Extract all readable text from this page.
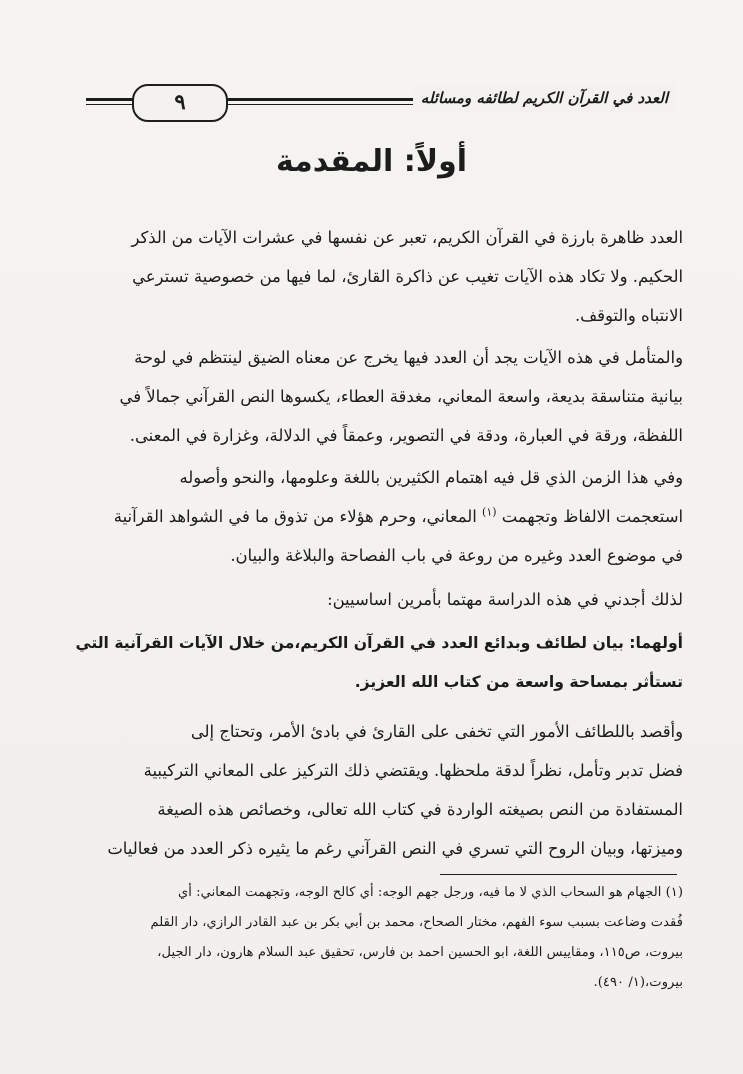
٩	العدد في القرآن الكريم لطائفه ومسائله
أولاً: المقدمة

العدد ظاهرة بارزة في القرآن الكريم، تعبر عن نفسها في عشرات الآيات من الذكر

الحكيم. ولا تكاد هذه الآيات تغيب عن ذاكرة القارئ، لما فيها من خصوصية تسترعي

الانتباه والتوقف.

والمتأمل في هذه الآيات يجد أن العدد فيها يخرج عن معناه الضيق لينتظم في لوحة

بيانية متناسقة بديعة، واسعة المعاني، مغدقة العطاء، يكسوها النص القرآني جمالاً في

اللفظة، ورقة في العبارة، ودقة في التصوير، وعمقاً في الدلالة، وغزارة في المعنى.

وفي هذا الزمن الذي قل فيه اهتمام الكثيرين باللغة وعلومها، والنحو وأصوله

استعجمت الالفاظ وتجهمت $^{(١)}$ المعاني، وحرم هؤلاء من تذوق ما في الشواهد القرآنية

في موضوع العدد وغيره من روعة في باب الفصاحة والبلاغة والبيان.

لذلك أجدني في هذه الدراسة مهتما بأمرين اساسيين:

أولهما: بيان لطائف وبدائع العدد في القرآن الكريم،من خلال الآيات القرآنية التي

تستأثر بمساحة واسعة من كتاب الله العزيز.

وأقصد باللطائف الأمور التي تخفى على القارئ في بادئ الأمر، وتحتاج إلى

فضل تدبر وتأمل، نظراً لدقة ملحظها. ويقتضي ذلك التركيز على المعاني التركيبية

المستفادة من النص بصيغته الواردة في كتاب الله تعالى، وخصائص هذه الصيغة

وميزتها، وبيان الروح التي تسري في النص القرآني رغم ما يثيره ذكر العدد من فعاليات

(١) الجهام هو السحاب الذي لا ما فيه، ورجل جهم الوجه: أي كالح الوجه، وتجهمت المعاني: أي

فُقدت وضاعت بسبب سوء الفهم، مختار الصحاح، محمد بن أبي بكر بن عبد القادر الرازي، دار القلم

بيروت، ص١١٥، ومقاييس اللغة، ابو الحسين احمد بن فارس، تحقيق عبد السلام هارون، دار الجيل،

بيروت،(١/ ٤٩٠).
